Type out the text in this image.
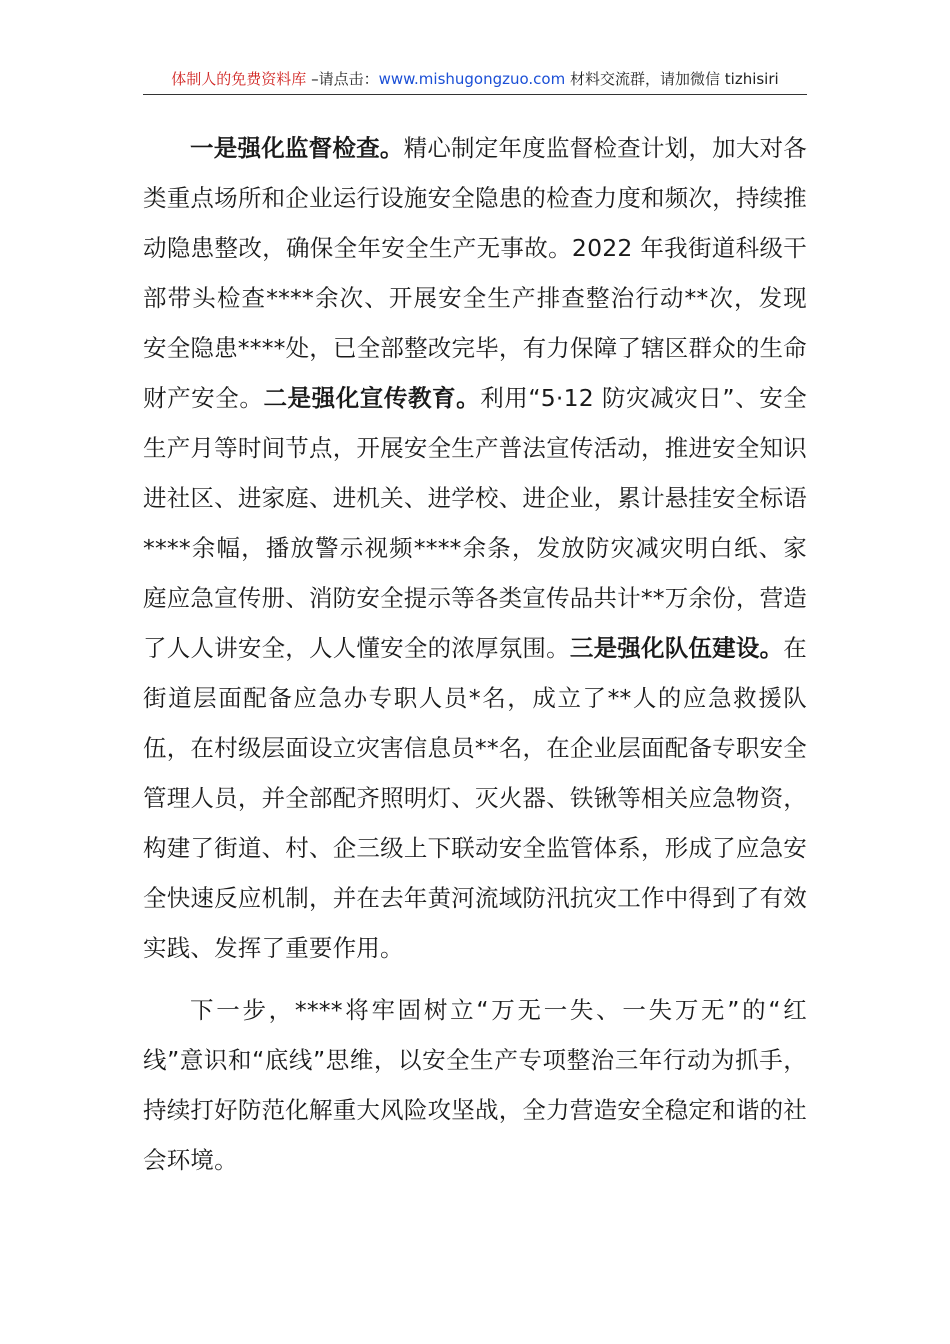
体制人的免费资料库 –请点击：www.mishugongzuo.com 材料交流群，请加微信 tizhisiri

一是强化监督检查。精心制定年度监督检查计划，加大对各类重点场所和企业运行设施安全隐患的检查力度和频次，持续推动隐患整改，确保全年安全生产无事故。2022 年我街道科级干部带头检查****余次、开展安全生产排查整治行动**次，发现安全隐患****处，已全部整改完毕，有力保障了辖区群众的生命财产安全。二是强化宣传教育。利用“5·12 防灾减灾日”、安全生产月等时间节点，开展安全生产普法宣传活动，推进安全知识进社区、进家庭、进机关、进学校、进企业，累计悬挂安全标语****余幅，播放警示视频****余条，发放防灾减灾明白纸、家庭应急宣传册、消防安全提示等各类宣传品共计**万余份，营造了人人讲安全，人人懂安全的浓厚氛围。三是强化队伍建设。在街道层面配备应急办专职人员*名，成立了**人的应急救援队伍，在村级层面设立灾害信息员**名，在企业层面配备专职安全管理人员，并全部配齐照明灯、灭火器、铁锹等相关应急物资，构建了街道、村、企三级上下联动安全监管体系，形成了应急安全快速反应机制，并在去年黄河流域防汛抗灾工作中得到了有效实践、发挥了重要作用。

下一步，****将牢固树立“万无一失、一失万无”的“红线”意识和“底线”思维，以安全生产专项整治三年行动为抓手，持续打好防范化解重大风险攻坚战，全力营造安全稳定和谐的社会环境。
